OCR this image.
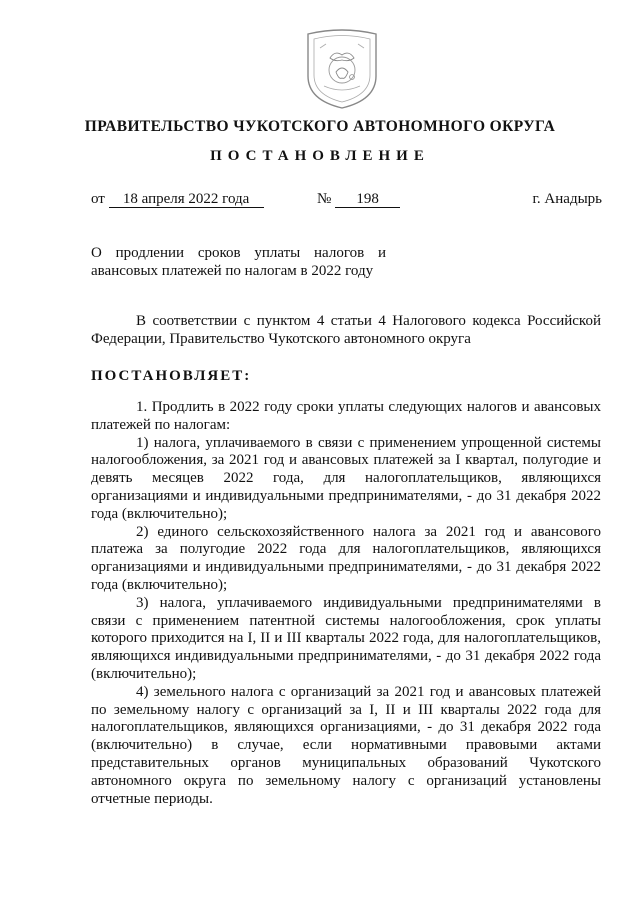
ПРАВИТЕЛЬСТВО ЧУКОТСКОГО АВТОНОМНОГО ОКРУГА
ПОСТАНОВЛЕНИЕ
от 18 апреля 2022 года	№ 198	г. Анадырь
О продлении сроков уплаты налогов и
авансовых платежей по налогам в 2022 году

В соответствии с пунктом 4 статьи 4 Налогового кодекса Российской Федерации, Правительство Чукотского автономного округа

ПОСТАНОВЛЯЕТ:

1. Продлить в 2022 году сроки уплаты следующих налогов и авансовых платежей по налогам:

1) налога, уплачиваемого в связи с применением упрощенной системы налогообложения, за 2021 год и авансовых платежей за I квартал, полугодие и девять месяцев 2022 года, для налогоплательщиков, являющихся организациями и индивидуальными предпринимателями, - до 31 декабря 2022 года (включительно);

2) единого сельскохозяйственного налога за 2021 год и авансового платежа за полугодие 2022 года для налогоплательщиков, являющихся организациями и индивидуальными предпринимателями, - до 31 декабря 2022 года (включительно);

3) налога, уплачиваемого индивидуальными предпринимателями в связи с применением патентной системы налогообложения, срок уплаты которого приходится на I, II и III кварталы 2022 года, для налогоплательщиков, являющихся индивидуальными предпринимателями, - до 31 декабря 2022 года (включительно);

4) земельного налога с организаций за 2021 год и авансовых платежей по земельному налогу с организаций за I, II и III кварталы 2022 года для налогоплательщиков, являющихся организациями, - до 31 декабря 2022 года (включительно) в случае, если нормативными правовыми актами представительных органов муниципальных образований Чукотского автономного округа по земельному налогу с организаций установлены отчетные периоды.
